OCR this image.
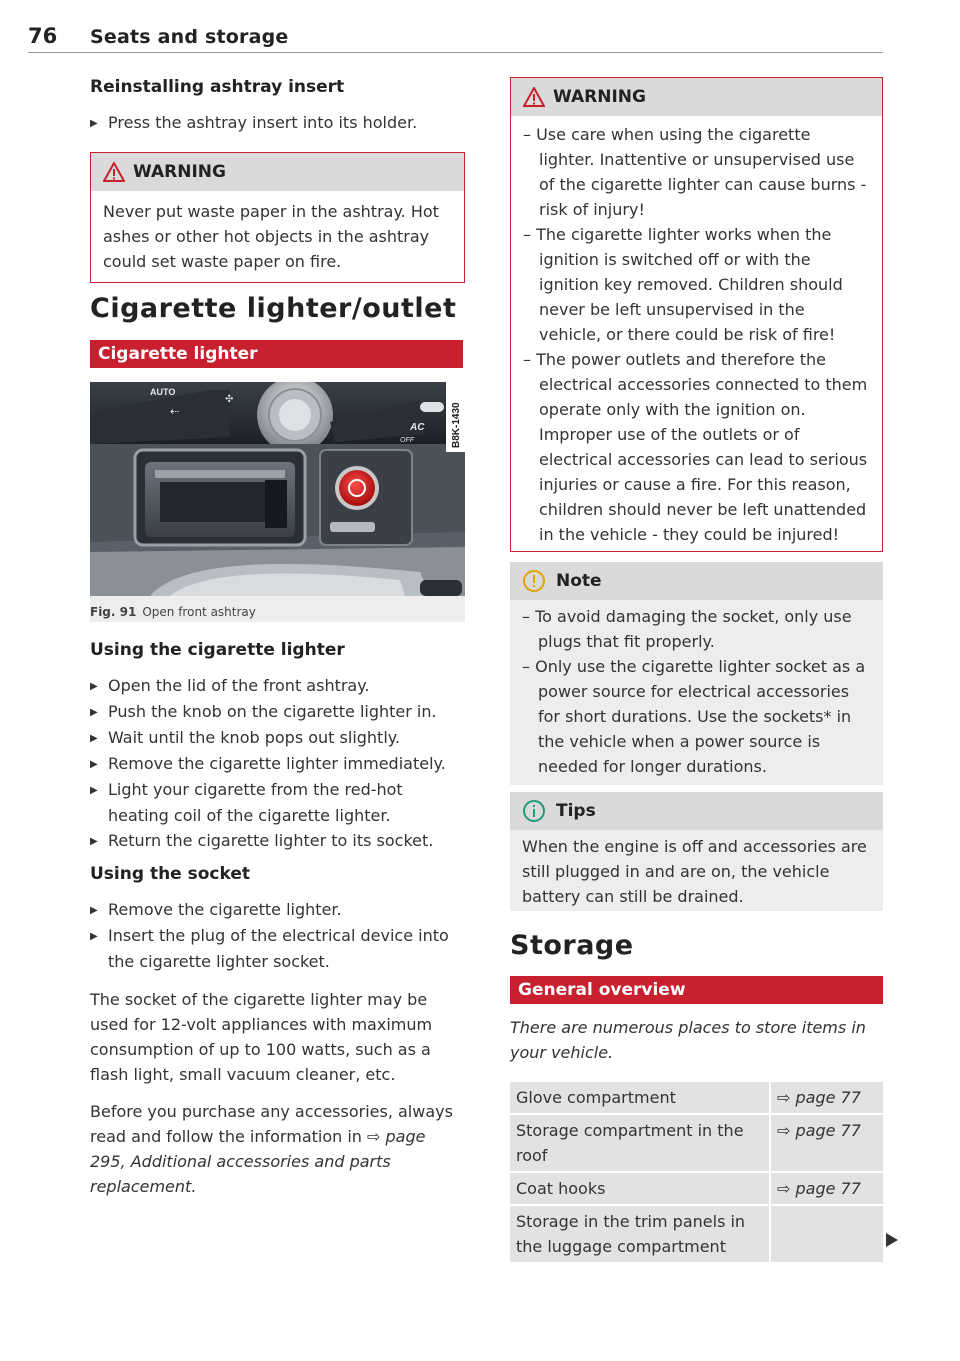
76 Seats and storage
Reinstalling ashtray insert
▶ Press the ashtray insert into its holder.
WARNING
Never put waste paper in the ashtray. Hot ashes or other hot objects in the ashtray could set waste paper on fire.
Cigarette lighter/outlet
Cigarette lighter
AUTO
✣
⇠
AC
OFF	B8K-1430
Fig. 91 Open front ashtray
Using the cigarette lighter
▶ Open the lid of the front ashtray.
▶ Push the knob on the cigarette lighter in.
▶ Wait until the knob pops out slightly.
▶ Remove the cigarette lighter immediately.
▶ Light your cigarette from the red-hot heating coil of the cigarette lighter.
▶ Return the cigarette lighter to its socket.
Using the socket
▶ Remove the cigarette lighter.
▶ Insert the plug of the electrical device into the cigarette lighter socket.
The socket of the cigarette lighter may be used for 12-volt appliances with maximum consumption of up to 100 watts, such as a flash light, small vacuum cleaner, etc.
Before you purchase any accessories, always read and follow the information in ⇨ page 295, Additional accessories and parts replacement.
WARNING
– Use care when using the cigarette lighter. Inattentive or unsupervised use of the cigarette lighter can cause burns - risk of injury!
– The cigarette lighter works when the ignition is switched off or with the ignition key removed. Children should never be left unsupervised in the vehicle, or there could be risk of fire!
– The power outlets and therefore the electrical accessories connected to them operate only with the ignition on. Improper use of the outlets or of electrical accessories can lead to serious injuries or cause a fire. For this reason, children should never be left unattended in the vehicle - they could be injured!
Note
– To avoid damaging the socket, only use plugs that fit properly.
– Only use the cigarette lighter socket as a power source for electrical accessories for short durations. Use the sockets* in the vehicle when a power source is needed for longer durations.
Tips
When the engine is off and accessories are still plugged in and are on, the vehicle battery can still be drained.
Storage
General overview
There are numerous places to store items in your vehicle.
Glove compartment	⇨ page 77
Storage compartment in the roof	⇨ page 77
Coat hooks	⇨ page 77
Storage in the trim panels in the luggage compartment	
